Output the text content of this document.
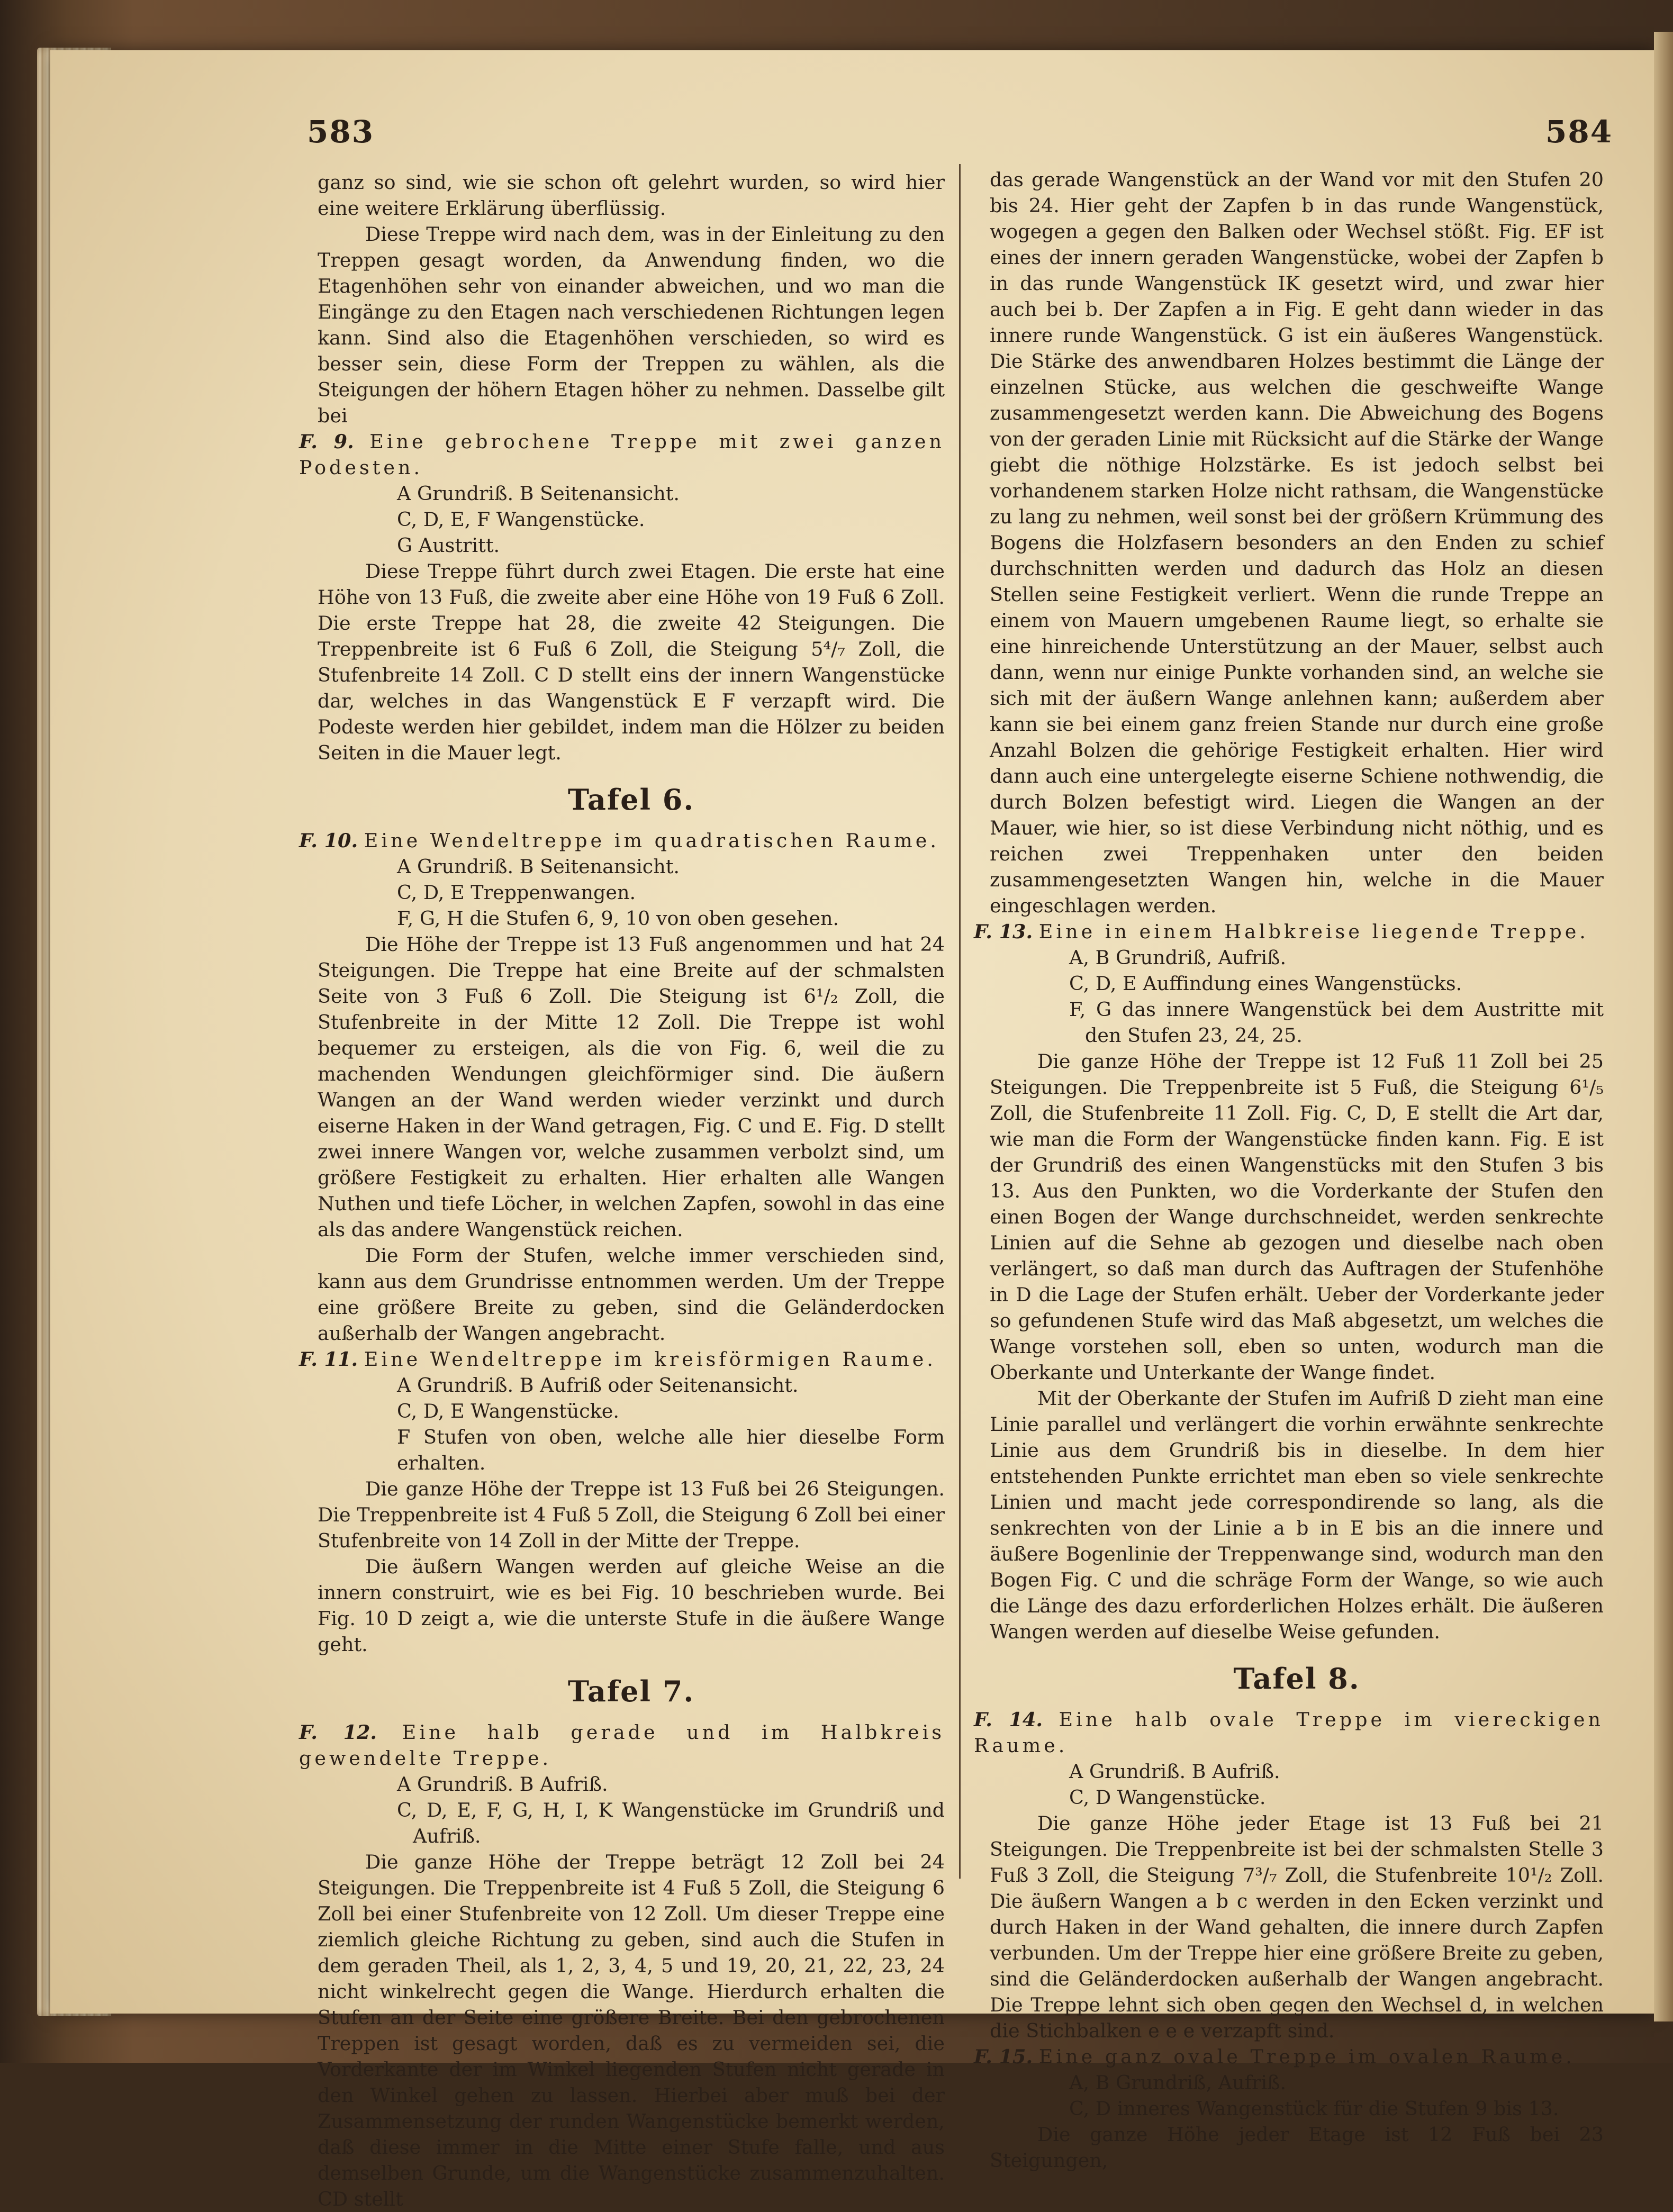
583	584

ganz so sind, wie sie schon oft gelehrt wurden, so wird hier eine weitere Erklärung überflüssig.

Diese Treppe wird nach dem, was in der Einleitung zu den Treppen gesagt worden, da Anwendung finden, wo die Etagenhöhen sehr von einander abweichen, und wo man die Eingänge zu den Etagen nach verschiedenen Richtungen legen kann. Sind also die Etagenhöhen verschieden, so wird es besser sein, diese Form der Treppen zu wählen, als die Steigungen der höhern Etagen höher zu nehmen. Dasselbe gilt bei

F. 9. Eine gebrochene Treppe mit zwei ganzen Podesten.

A Grundriß. B Seitenansicht.

C, D, E, F Wangenstücke.

G Austritt.

Diese Treppe führt durch zwei Etagen. Die erste hat eine Höhe von 13 Fuß, die zweite aber eine Höhe von 19 Fuß 6 Zoll. Die erste Treppe hat 28, die zweite 42 Steigungen. Die Treppenbreite ist 6 Fuß 6 Zoll, die Steigung 5⁴/₇ Zoll, die Stufenbreite 14 Zoll. C D stellt eins der innern Wangenstücke dar, welches in das Wangenstück E F verzapft wird. Die Podeste werden hier gebildet, indem man die Hölzer zu beiden Seiten in die Mauer legt.

Tafel 6.

F. 10. Eine Wendeltreppe im quadratischen Raume.

A Grundriß. B Seitenansicht.

C, D, E Treppenwangen.

F, G, H die Stufen 6, 9, 10 von oben gesehen.

Die Höhe der Treppe ist 13 Fuß angenommen und hat 24 Steigungen. Die Treppe hat eine Breite auf der schmalsten Seite von 3 Fuß 6 Zoll. Die Steigung ist 6¹/₂ Zoll, die Stufenbreite in der Mitte 12 Zoll. Die Treppe ist wohl bequemer zu ersteigen, als die von Fig. 6, weil die zu machenden Wendungen gleichförmiger sind. Die äußern Wangen an der Wand werden wieder verzinkt und durch eiserne Haken in der Wand getragen, Fig. C und E. Fig. D stellt zwei innere Wangen vor, welche zusammen verbolzt sind, um größere Festigkeit zu erhalten. Hier erhalten alle Wangen Nuthen und tiefe Löcher, in welchen Zapfen, sowohl in das eine als das andere Wangenstück reichen.

Die Form der Stufen, welche immer verschieden sind, kann aus dem Grundrisse entnommen werden. Um der Treppe eine größere Breite zu geben, sind die Geländerdocken außerhalb der Wangen angebracht.

F. 11. Eine Wendeltreppe im kreisförmigen Raume.

A Grundriß. B Aufriß oder Seitenansicht.

C, D, E Wangenstücke.

F Stufen von oben, welche alle hier dieselbe Form erhalten.

Die ganze Höhe der Treppe ist 13 Fuß bei 26 Steigungen. Die Treppenbreite ist 4 Fuß 5 Zoll, die Steigung 6 Zoll bei einer Stufenbreite von 14 Zoll in der Mitte der Treppe.

Die äußern Wangen werden auf gleiche Weise an die innern construirt, wie es bei Fig. 10 beschrieben wurde. Bei Fig. 10 D zeigt a, wie die unterste Stufe in die äußere Wange geht.

Tafel 7.

F. 12. Eine halb gerade und im Halbkreis gewendelte Treppe.

A Grundriß. B Aufriß.

C, D, E, F, G, H, I, K Wangenstücke im Grundriß und Aufriß.

Die ganze Höhe der Treppe beträgt 12 Zoll bei 24 Steigungen. Die Treppenbreite ist 4 Fuß 5 Zoll, die Steigung 6 Zoll bei einer Stufenbreite von 12 Zoll. Um dieser Treppe eine ziemlich gleiche Richtung zu geben, sind auch die Stufen in dem geraden Theil, als 1, 2, 3, 4, 5 und 19, 20, 21, 22, 23, 24 nicht winkelrecht gegen die Wange. Hierdurch erhalten die Stufen an der Seite eine größere Breite. Bei den gebrochenen Treppen ist gesagt worden, daß es zu vermeiden sei, die Vorderkante der im Winkel liegenden Stufen nicht gerade in den Winkel gehen zu lassen. Hierbei aber muß bei der Zusammensetzung der runden Wangenstücke bemerkt werden, daß diese immer in die Mitte einer Stufe falle, und aus demselben Grunde, um die Wangenstücke zusammenzuhalten. CD stellt

das gerade Wangenstück an der Wand vor mit den Stufen 20 bis 24. Hier geht der Zapfen b in das runde Wangenstück, wogegen a gegen den Balken oder Wechsel stößt. Fig. EF ist eines der innern geraden Wangenstücke, wobei der Zapfen b in das runde Wangenstück IK gesetzt wird, und zwar hier auch bei b. Der Zapfen a in Fig. E geht dann wieder in das innere runde Wangenstück. G ist ein äußeres Wangenstück. Die Stärke des anwendbaren Holzes bestimmt die Länge der einzelnen Stücke, aus welchen die geschweifte Wange zusammengesetzt werden kann. Die Abweichung des Bogens von der geraden Linie mit Rücksicht auf die Stärke der Wange giebt die nöthige Holzstärke. Es ist jedoch selbst bei vorhandenem starken Holze nicht rathsam, die Wangenstücke zu lang zu nehmen, weil sonst bei der größern Krümmung des Bogens die Holzfasern besonders an den Enden zu schief durchschnitten werden und dadurch das Holz an diesen Stellen seine Festigkeit verliert. Wenn die runde Treppe an einem von Mauern umgebenen Raume liegt, so erhalte sie eine hinreichende Unterstützung an der Mauer, selbst auch dann, wenn nur einige Punkte vorhanden sind, an welche sie sich mit der äußern Wange anlehnen kann; außerdem aber kann sie bei einem ganz freien Stande nur durch eine große Anzahl Bolzen die gehörige Festigkeit erhalten. Hier wird dann auch eine untergelegte eiserne Schiene nothwendig, die durch Bolzen befestigt wird. Liegen die Wangen an der Mauer, wie hier, so ist diese Verbindung nicht nöthig, und es reichen zwei Treppenhaken unter den beiden zusammengesetzten Wangen hin, welche in die Mauer eingeschlagen werden.

F. 13. Eine in einem Halbkreise liegende Treppe.

A, B Grundriß, Aufriß.

C, D, E Auffindung eines Wangenstücks.

F, G das innere Wangenstück bei dem Austritte mit den Stufen 23, 24, 25.

Die ganze Höhe der Treppe ist 12 Fuß 11 Zoll bei 25 Steigungen. Die Treppenbreite ist 5 Fuß, die Steigung 6¹/₅ Zoll, die Stufenbreite 11 Zoll. Fig. C, D, E stellt die Art dar, wie man die Form der Wangenstücke finden kann. Fig. E ist der Grundriß des einen Wangenstücks mit den Stufen 3 bis 13. Aus den Punkten, wo die Vorderkante der Stufen den einen Bogen der Wange durchschneidet, werden senkrechte Linien auf die Sehne ab gezogen und dieselbe nach oben verlängert, so daß man durch das Auftragen der Stufenhöhe in D die Lage der Stufen erhält. Ueber der Vorderkante jeder so gefundenen Stufe wird das Maß abgesetzt, um welches die Wange vorstehen soll, eben so unten, wodurch man die Oberkante und Unterkante der Wange findet.

Mit der Oberkante der Stufen im Aufriß D zieht man eine Linie parallel und verlängert die vorhin erwähnte senkrechte Linie aus dem Grundriß bis in dieselbe. In dem hier entstehenden Punkte errichtet man eben so viele senkrechte Linien und macht jede correspondirende so lang, als die senkrechten von der Linie a b in E bis an die innere und äußere Bogenlinie der Treppenwange sind, wodurch man den Bogen Fig. C und die schräge Form der Wange, so wie auch die Länge des dazu erforderlichen Holzes erhält. Die äußeren Wangen werden auf dieselbe Weise gefunden.

Tafel 8.

F. 14. Eine halb ovale Treppe im viereckigen Raume.

A Grundriß. B Aufriß.

C, D Wangenstücke.

Die ganze Höhe jeder Etage ist 13 Fuß bei 21 Steigungen. Die Treppenbreite ist bei der schmalsten Stelle 3 Fuß 3 Zoll, die Steigung 7³/₇ Zoll, die Stufenbreite 10¹/₂ Zoll. Die äußern Wangen a b c werden in den Ecken verzinkt und durch Haken in der Wand gehalten, die innere durch Zapfen verbunden. Um der Treppe hier eine größere Breite zu geben, sind die Geländerdocken außerhalb der Wangen angebracht. Die Treppe lehnt sich oben gegen den Wechsel d, in welchen die Stichbalken e e e verzapft sind.

F. 15. Eine ganz ovale Treppe im ovalen Raume.

A, B Grundriß, Aufriß.

C, D inneres Wangenstück für die Stufen 9 bis 13.

Die ganze Höhe jeder Etage ist 12 Fuß bei 23 Steigungen,
